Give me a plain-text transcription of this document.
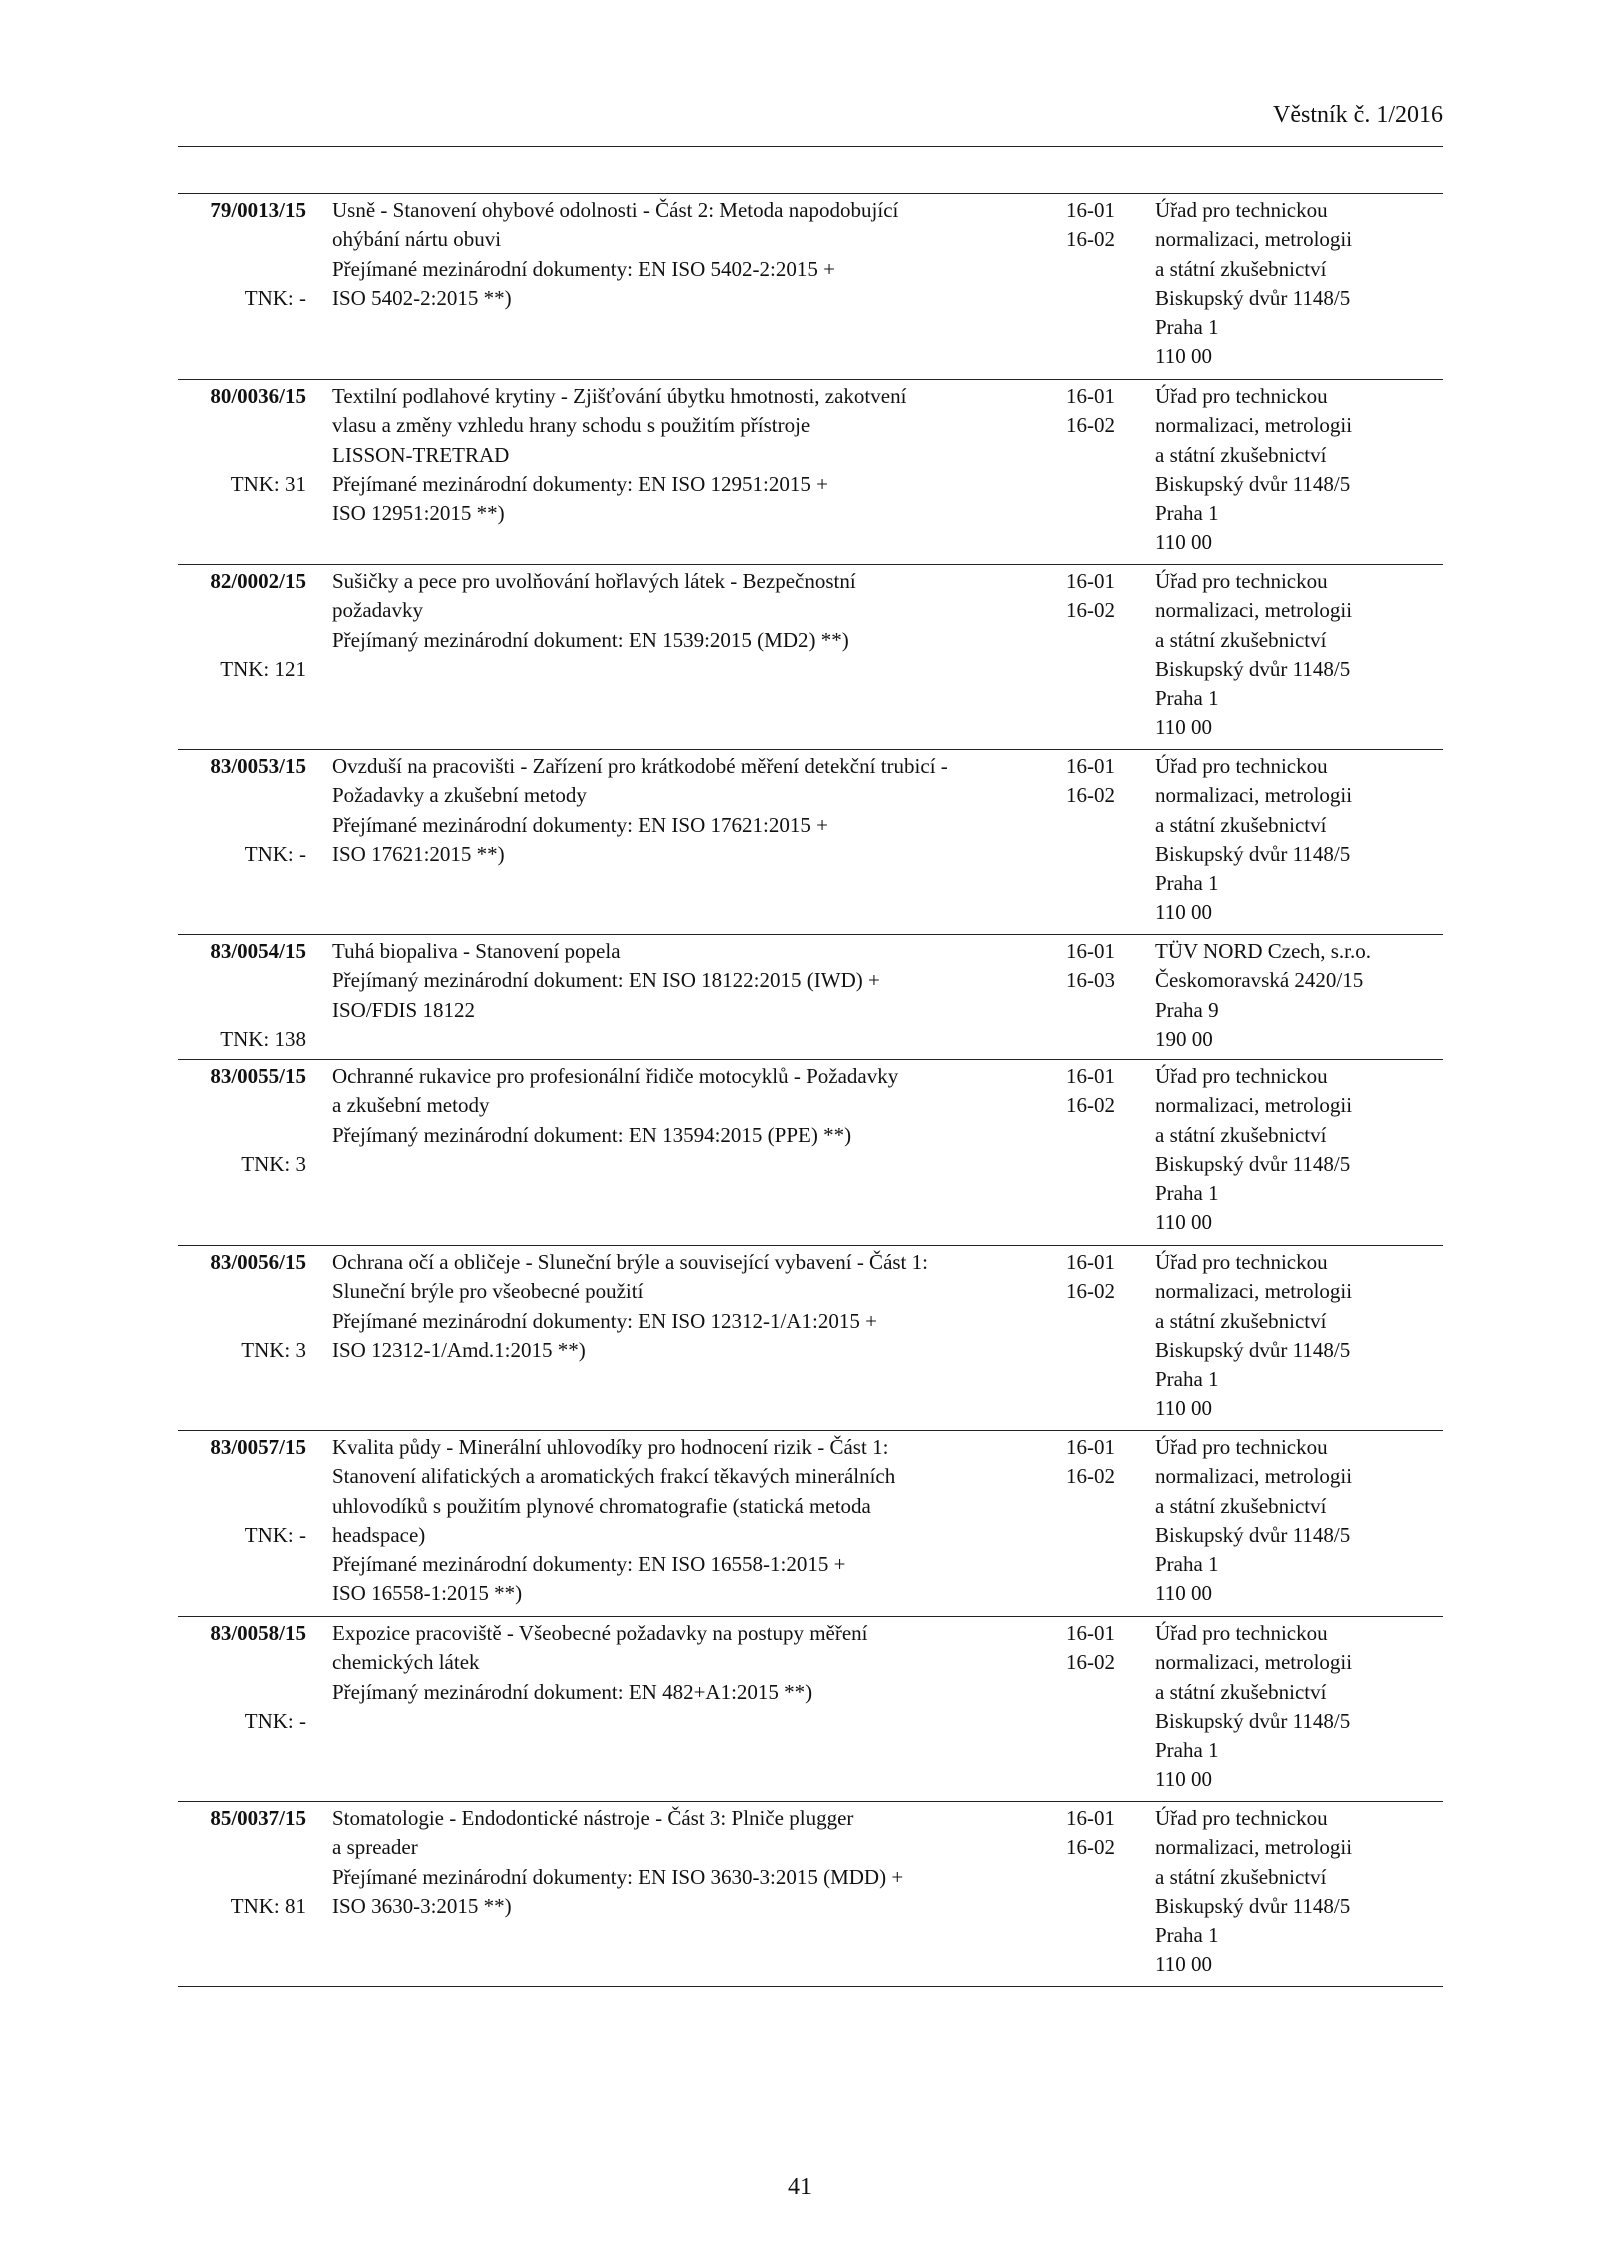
Věstník č. 1/2016
79/0013/15
TNK: -
Usně - Stanovení ohybové odolnosti - Část 2: Metoda napodobující
ohýbání nártu obuvi
Přejímané mezinárodní dokumenty: EN ISO 5402-2:2015 +
ISO 5402-2:2015 **)
16-01
16-02
Úřad pro technickou
normalizaci, metrologii
a státní zkušebnictví
Biskupský dvůr 1148/5
Praha 1
110 00
80/0036/15
TNK: 31
Textilní podlahové krytiny - Zjišťování úbytku hmotnosti, zakotvení
vlasu a změny vzhledu hrany schodu s použitím přístroje
LISSON-TRETRAD
Přejímané mezinárodní dokumenty: EN ISO 12951:2015 +
ISO 12951:2015 **)
16-01
16-02
Úřad pro technickou
normalizaci, metrologii
a státní zkušebnictví
Biskupský dvůr 1148/5
Praha 1
110 00
82/0002/15
TNK: 121
Sušičky a pece pro uvolňování hořlavých látek - Bezpečnostní
požadavky
Přejímaný mezinárodní dokument: EN 1539:2015 (MD2) **)
16-01
16-02
Úřad pro technickou
normalizaci, metrologii
a státní zkušebnictví
Biskupský dvůr 1148/5
Praha 1
110 00
83/0053/15
TNK: -
Ovzduší na pracovišti - Zařízení pro krátkodobé měření detekční trubicí -
Požadavky a zkušební metody
Přejímané mezinárodní dokumenty: EN ISO 17621:2015 +
ISO 17621:2015 **)
16-01
16-02
Úřad pro technickou
normalizaci, metrologii
a státní zkušebnictví
Biskupský dvůr 1148/5
Praha 1
110 00
83/0054/15
TNK: 138
Tuhá biopaliva - Stanovení popela
Přejímaný mezinárodní dokument: EN ISO 18122:2015 (IWD) +
ISO/FDIS 18122
16-01
16-03
TÜV NORD Czech, s.r.o.
Českomoravská 2420/15
Praha 9
190 00
83/0055/15
TNK: 3
Ochranné rukavice pro profesionální řidiče motocyklů - Požadavky
a zkušební metody
Přejímaný mezinárodní dokument: EN 13594:2015 (PPE) **)
16-01
16-02
Úřad pro technickou
normalizaci, metrologii
a státní zkušebnictví
Biskupský dvůr 1148/5
Praha 1
110 00
83/0056/15
TNK: 3
Ochrana očí a obličeje - Sluneční brýle a související vybavení - Část 1:
Sluneční brýle pro všeobecné použití
Přejímané mezinárodní dokumenty: EN ISO 12312-1/A1:2015 +
ISO 12312-1/Amd.1:2015 **)
16-01
16-02
Úřad pro technickou
normalizaci, metrologii
a státní zkušebnictví
Biskupský dvůr 1148/5
Praha 1
110 00
83/0057/15
TNK: -
Kvalita půdy - Minerální uhlovodíky pro hodnocení rizik - Část 1:
Stanovení alifatických a aromatických frakcí těkavých minerálních
uhlovodíků s použitím plynové chromatografie (statická metoda
headspace)
Přejímané mezinárodní dokumenty: EN ISO 16558-1:2015 +
ISO 16558-1:2015 **)
16-01
16-02
Úřad pro technickou
normalizaci, metrologii
a státní zkušebnictví
Biskupský dvůr 1148/5
Praha 1
110 00
83/0058/15
TNK: -
Expozice pracoviště - Všeobecné požadavky na postupy měření
chemických látek
Přejímaný mezinárodní dokument: EN 482+A1:2015 **)
16-01
16-02
Úřad pro technickou
normalizaci, metrologii
a státní zkušebnictví
Biskupský dvůr 1148/5
Praha 1
110 00
85/0037/15
TNK: 81
Stomatologie - Endodontické nástroje - Část 3: Plniče plugger
a spreader
Přejímané mezinárodní dokumenty: EN ISO 3630-3:2015 (MDD) +
ISO 3630-3:2015 **)
16-01
16-02
Úřad pro technickou
normalizaci, metrologii
a státní zkušebnictví
Biskupský dvůr 1148/5
Praha 1
110 00
41
